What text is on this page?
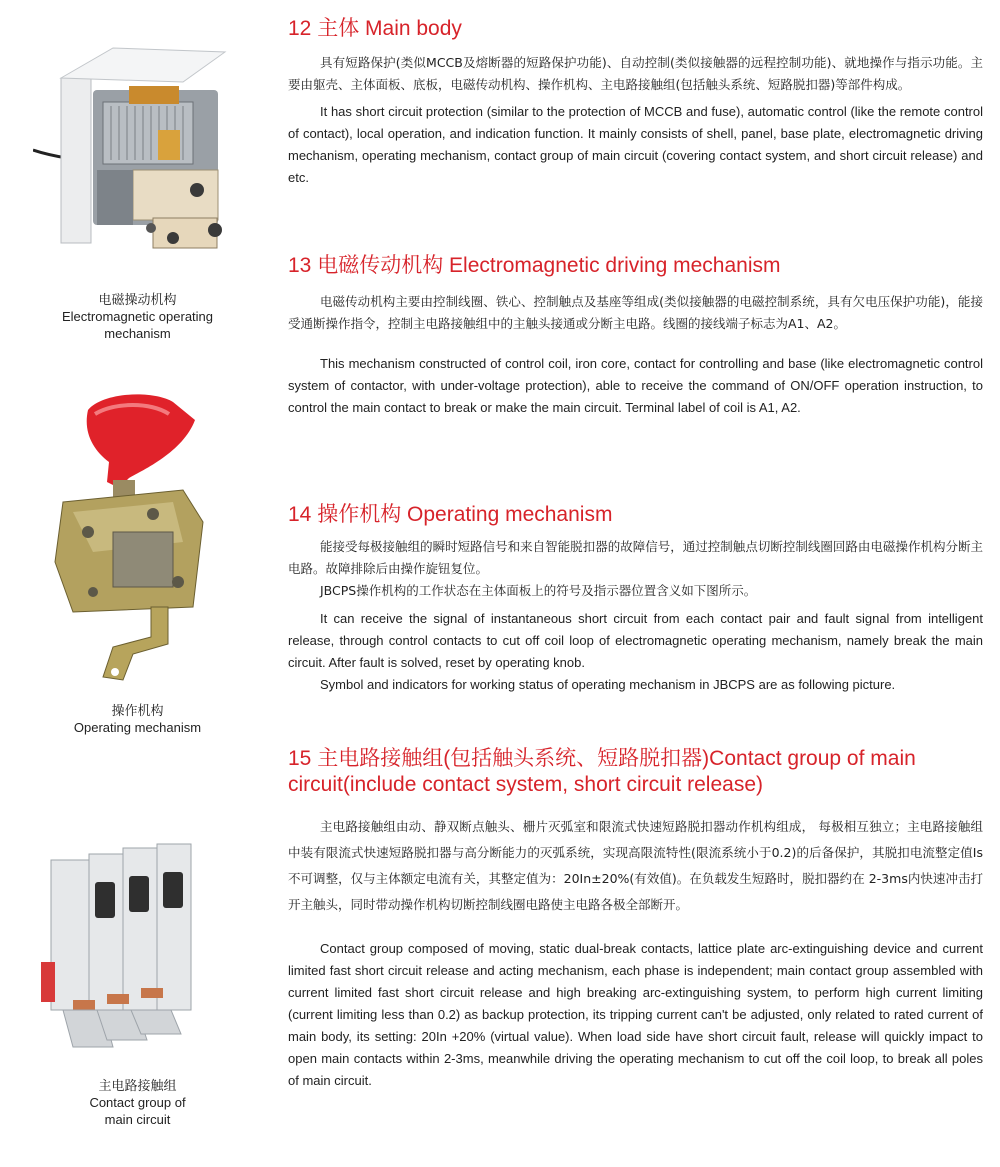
电磁操动机构
Electromagnetic operating
mechanism
操作机构
Operating mechanism
主电路接触组
Contact group of
main circuit
12 主体 Main body

具有短路保护(类似MCCB及熔断器的短路保护功能)、自动控制(类似接触器的远程控制功能)、就地操作与指示功能。主要由躯壳、主体面板、底板，电磁传动机构、操作机构、主电路接触组(包括触头系统、短路脱扣器)等部件构成。

It has short circuit protection (similar to the protection of MCCB and fuse), automatic control (like the remote control of contact), local operation, and indication function. It mainly consists of shell, panel, base plate, electromagnetic driving mechanism, operating mechanism, contact group of main circuit (covering contact system, and short circuit release) and etc.

13 电磁传动机构 Electromagnetic driving mechanism

电磁传动机构主要由控制线圈、铁心、控制触点及基座等组成(类似接触器的电磁控制系统，具有欠电压保护功能)，能接受通断操作指令，控制主电路接触组中的主触头接通或分断主电路。线圈的接线端子标志为A1、A2。

This mechanism constructed of control coil, iron core, contact for controlling and base (like electromagnetic control system of contactor, with under-voltage protection), able to receive the command of ON/OFF operation instruction, to control the main contact to break or make the main circuit. Terminal label of coil is A1, A2.

14 操作机构 Operating mechanism

能接受每极接触组的瞬时短路信号和来自智能脱扣器的故障信号，通过控制触点切断控制线圈回路由电磁操作机构分断主电路。故障排除后由操作旋钮复位。

JBCPS操作机构的工作状态在主体面板上的符号及指示器位置含义如下图所示。

It can receive the signal of instantaneous short circuit from each contact pair and fault signal from intelligent release, through control contacts to cut off coil loop of electromagnetic operating mechanism, namely break the main circuit. After fault is solved, reset by operating knob.

Symbol and indicators for working status of operating mechanism in JBCPS are as following picture.

15 主电路接触组(包括触头系统、短路脱扣器)Contact group of main circuit(include contact system, short circuit release)

主电路接触组由动、静双断点触头、栅片灭弧室和限流式快速短路脱扣器动作机构组成， 每极相互独立；主电路接触组中装有限流式快速短路脱扣器与高分断能力的灭弧系统，实现高限流特性(限流系统小于0.2)的后备保护，其脱扣电流整定值Is不可调整，仅与主体额定电流有关，其整定值为：20In±20%(有效值)。在负载发生短路时，脱扣器约在 2-3ms内快速冲击打开主触头，同时带动操作机构切断控制线圈电路使主电路各极全部断开。

Contact group composed of moving, static dual-break contacts, lattice plate arc-extinguishing device and current limited fast short circuit release and acting mechanism, each phase is independent; main contact group assembled with current limited fast short circuit release and high breaking arc-extinguishing system, to perform high current limiting (current limiting less than 0.2) as backup protection, its tripping current can't be adjusted, only related to rated current of main body, its setting: 20In +20% (virtual value). When load side have short circuit fault, release will quickly impact to open main contacts within 2-3ms, meanwhile driving the operating mechanism to cut off the coil loop, to break all poles of main circuit.
